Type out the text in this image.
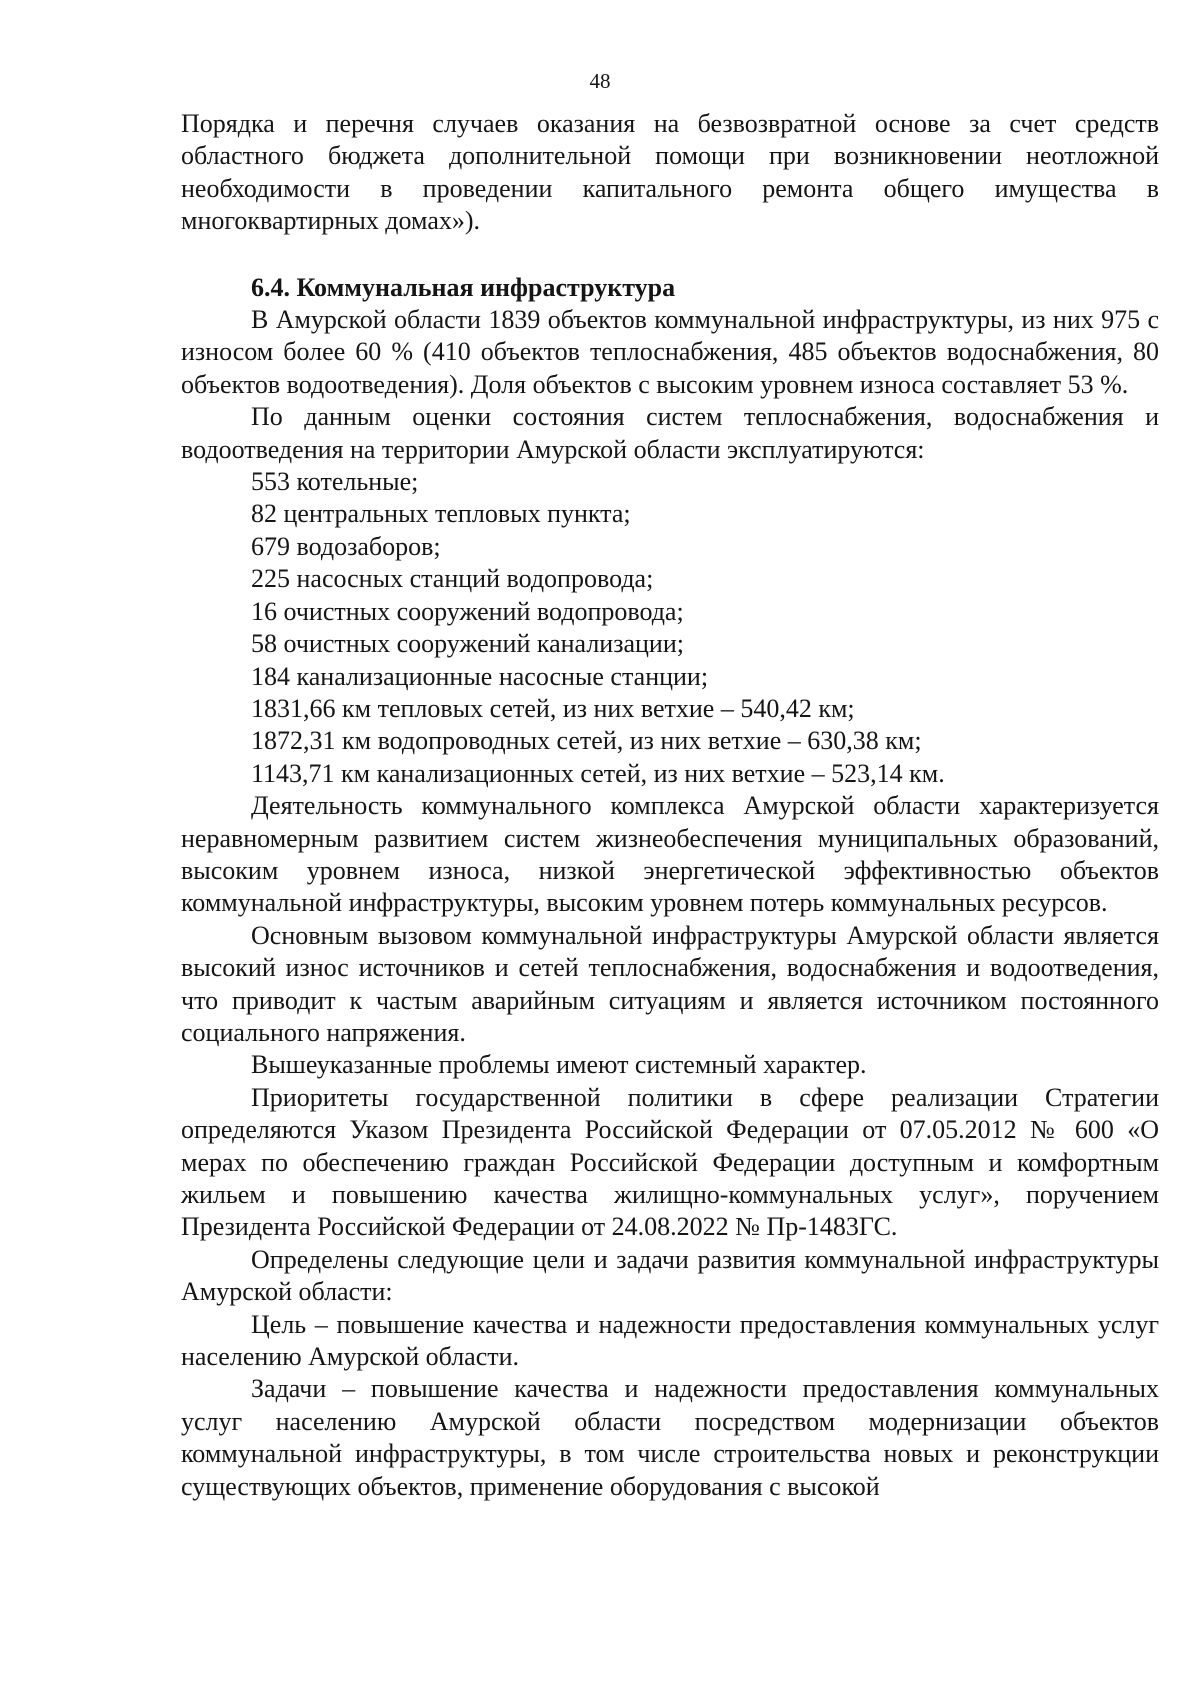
48

Порядка и перечня случаев оказания на безвозвратной основе за счет средств областного бюджета дополнительной помощи при возникновении неотложной необходимости в проведении капитального ремонта общего имущества в многоквартирных домах»).

6.4. Коммунальная инфраструктура

В Амурской области 1839 объектов коммунальной инфраструктуры, из них 975 с износом более 60 % (410 объектов теплоснабжения, 485 объектов водоснабжения, 80 объектов водоотведения). Доля объектов с высоким уровнем износа составляет 53 %.

По данным оценки состояния систем теплоснабжения, водоснабжения и водоотведения на территории Амурской области эксплуатируются:

553 котельные;

82 центральных тепловых пункта;

679 водозаборов;

225 насосных станций водопровода;

16 очистных сооружений водопровода;

58 очистных сооружений канализации;

184 канализационные насосные станции;

1831,66 км тепловых сетей, из них ветхие – 540,42 км;

1872,31 км водопроводных сетей, из них ветхие – 630,38 км;

1143,71 км канализационных сетей, из них ветхие – 523,14 км.

Деятельность коммунального комплекса Амурской области характеризуется неравномерным развитием систем жизнеобеспечения муниципальных образований, высоким уровнем износа, низкой энергетической эффективностью объектов коммунальной инфраструктуры, высоким уровнем потерь коммунальных ресурсов.

Основным вызовом коммунальной инфраструктуры Амурской области является высокий износ источников и сетей теплоснабжения, водоснабжения и водоотведения, что приводит к частым аварийным ситуациям и является источником постоянного социального напряжения.

Вышеуказанные проблемы имеют системный характер.

Приоритеты государственной политики в сфере реализации Стратегии определяются Указом Президента Российской Федерации от 07.05.2012 № 600 «О мерах по обеспечению граждан Российской Федерации доступным и комфортным жильем и повышению качества жилищно-коммунальных услуг», поручением Президента Российской Федерации от 24.08.2022 № Пр-1483ГС.

Определены следующие цели и задачи развития коммунальной инфраструктуры Амурской области:

Цель – повышение качества и надежности предоставления коммунальных услуг населению Амурской области.

Задачи – повышение качества и надежности предоставления коммунальных услуг населению Амурской области посредством модернизации объектов коммунальной инфраструктуры, в том числе строительства новых и реконструкции существующих объектов, применение оборудования с высокой
